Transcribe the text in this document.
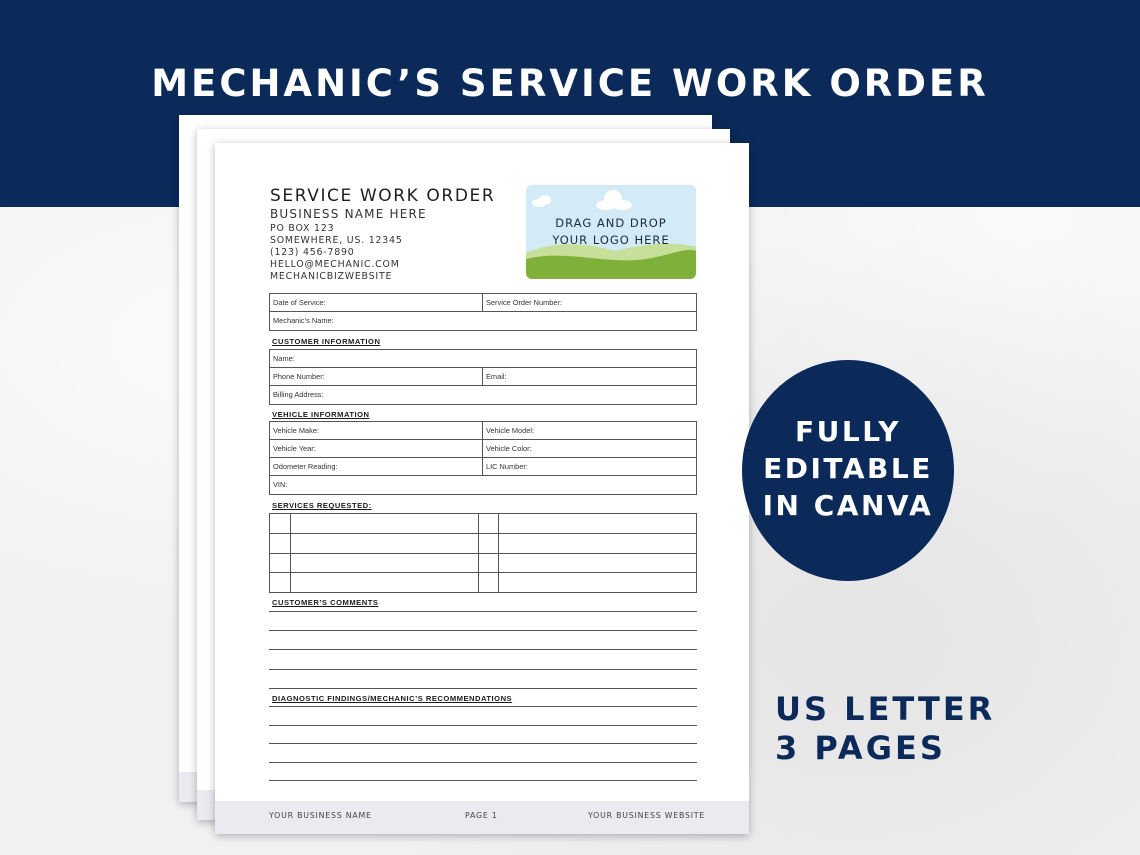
MECHANIC’S SERVICE WORK ORDER
SERVICE WORK ORDER
BUSINESS NAME HERE
PO BOX 123
SOMEWHERE, US. 12345
(123) 456-7890
HELLO@MECHANIC.COM
MECHANICBIZWEBSITE
DRAG AND DROP
YOUR LOGO HERE
Date of Service:	Service Order Number:
Mechanic’s Name:
CUSTOMER INFORMATION
Name:
Phone Number:	Email:
Billing Address:
VEHICLE INFORMATION
Vehicle Make:	Vehicle Model:
Vehicle Year:	Vehicle Color:
Odometer Reading:	LIC Number:
VIN:
SERVICES REQUESTED:
CUSTOMER’S COMMENTS
DIAGNOSTIC FINDINGS/MECHANIC’S RECOMMENDATIONS
YOUR BUSINESS NAME	PAGE 1	YOUR BUSINESS WEBSITE
FULLY
EDITABLE
IN CANVA
US LETTER
3 PAGES
